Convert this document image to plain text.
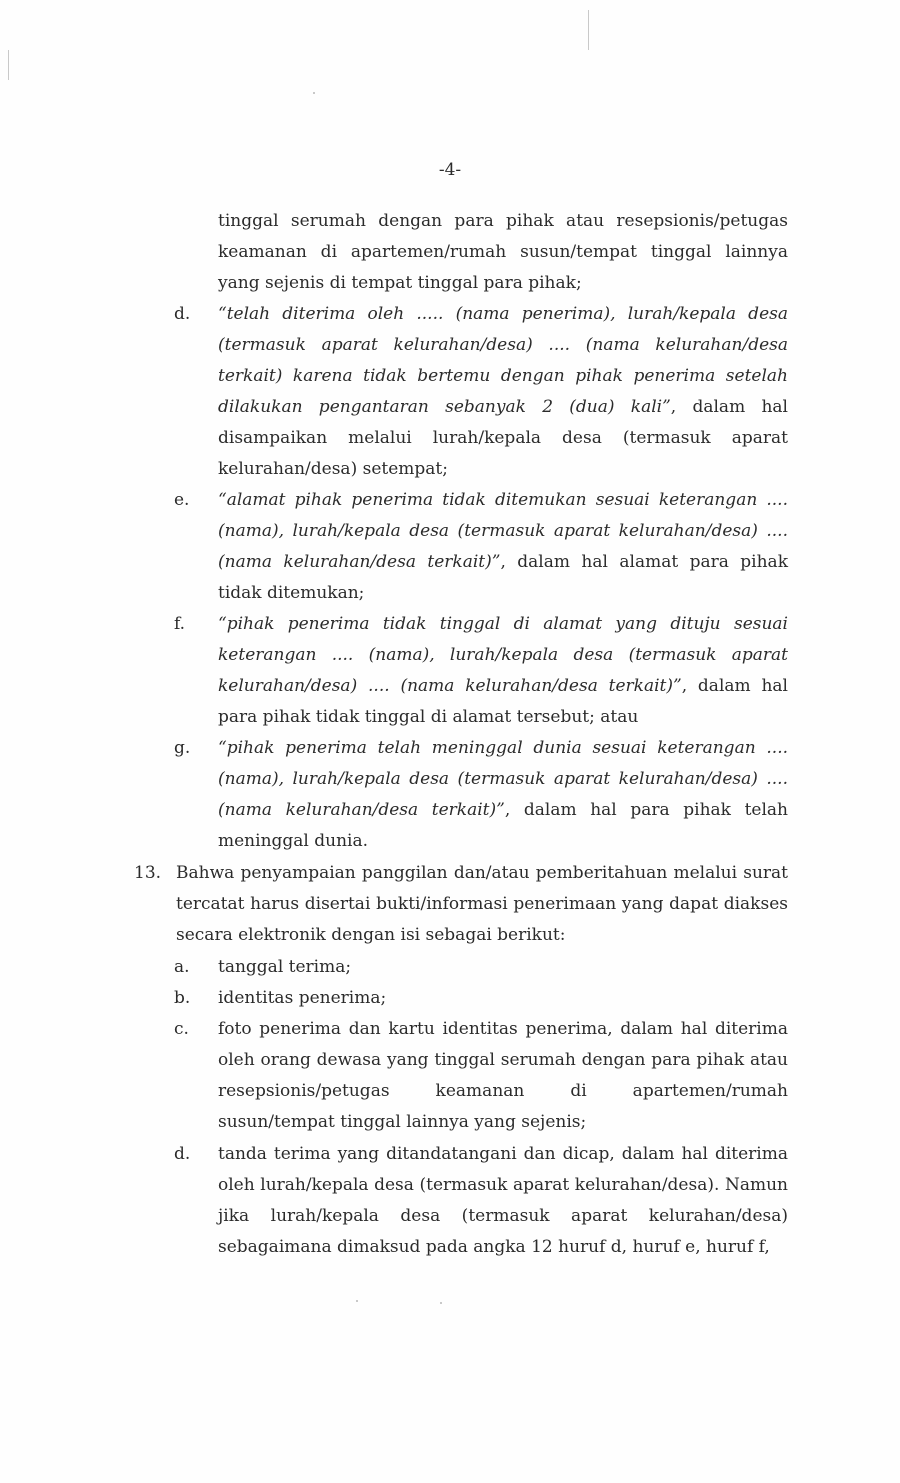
-4-
tinggal serumah dengan para pihak atau resepsionis/petugas keamanan di apartemen/rumah susun/tempat tinggal lainnya yang sejenis di tempat tinggal para pihak;
d. “telah diterima oleh ..... (nama penerima), lurah/kepala desa (termasuk aparat kelurahan/desa) .... (nama kelurahan/desa terkait) karena tidak bertemu dengan pihak penerima setelah dilakukan pengantaran sebanyak 2 (dua) kali”, dalam hal disampaikan melalui lurah/kepala desa (termasuk aparat kelurahan/desa) setempat;
e. “alamat pihak penerima tidak ditemukan sesuai keterangan .... (nama), lurah/kepala desa (termasuk aparat kelurahan/desa) .... (nama kelurahan/desa terkait)”, dalam hal alamat para pihak tidak ditemukan;
f. “pihak penerima tidak tinggal di alamat yang dituju sesuai keterangan .... (nama), lurah/kepala desa (termasuk aparat kelurahan/desa) .... (nama kelurahan/desa terkait)”, dalam hal para pihak tidak tinggal di alamat tersebut; atau
g. “pihak penerima telah meninggal dunia sesuai keterangan .... (nama), lurah/kepala desa (termasuk aparat kelurahan/desa) .... (nama kelurahan/desa terkait)”, dalam hal para pihak telah meninggal dunia.
13. Bahwa penyampaian panggilan dan/atau pemberitahuan melalui surat tercatat harus disertai bukti/informasi penerimaan yang dapat diakses secara elektronik dengan isi sebagai berikut:
a. tanggal terima;
b. identitas penerima;
c. foto penerima dan kartu identitas penerima, dalam hal diterima oleh orang dewasa yang tinggal serumah dengan para pihak atau resepsionis/petugas keamanan di apartemen/rumah susun/tempat tinggal lainnya yang sejenis;
d. tanda terima yang ditandatangani dan dicap, dalam hal diterima oleh lurah/kepala desa (termasuk aparat kelurahan/desa). Namun jika lurah/kepala desa (termasuk aparat kelurahan/desa) sebagaimana dimaksud pada angka 12 huruf d, huruf e, huruf f,
